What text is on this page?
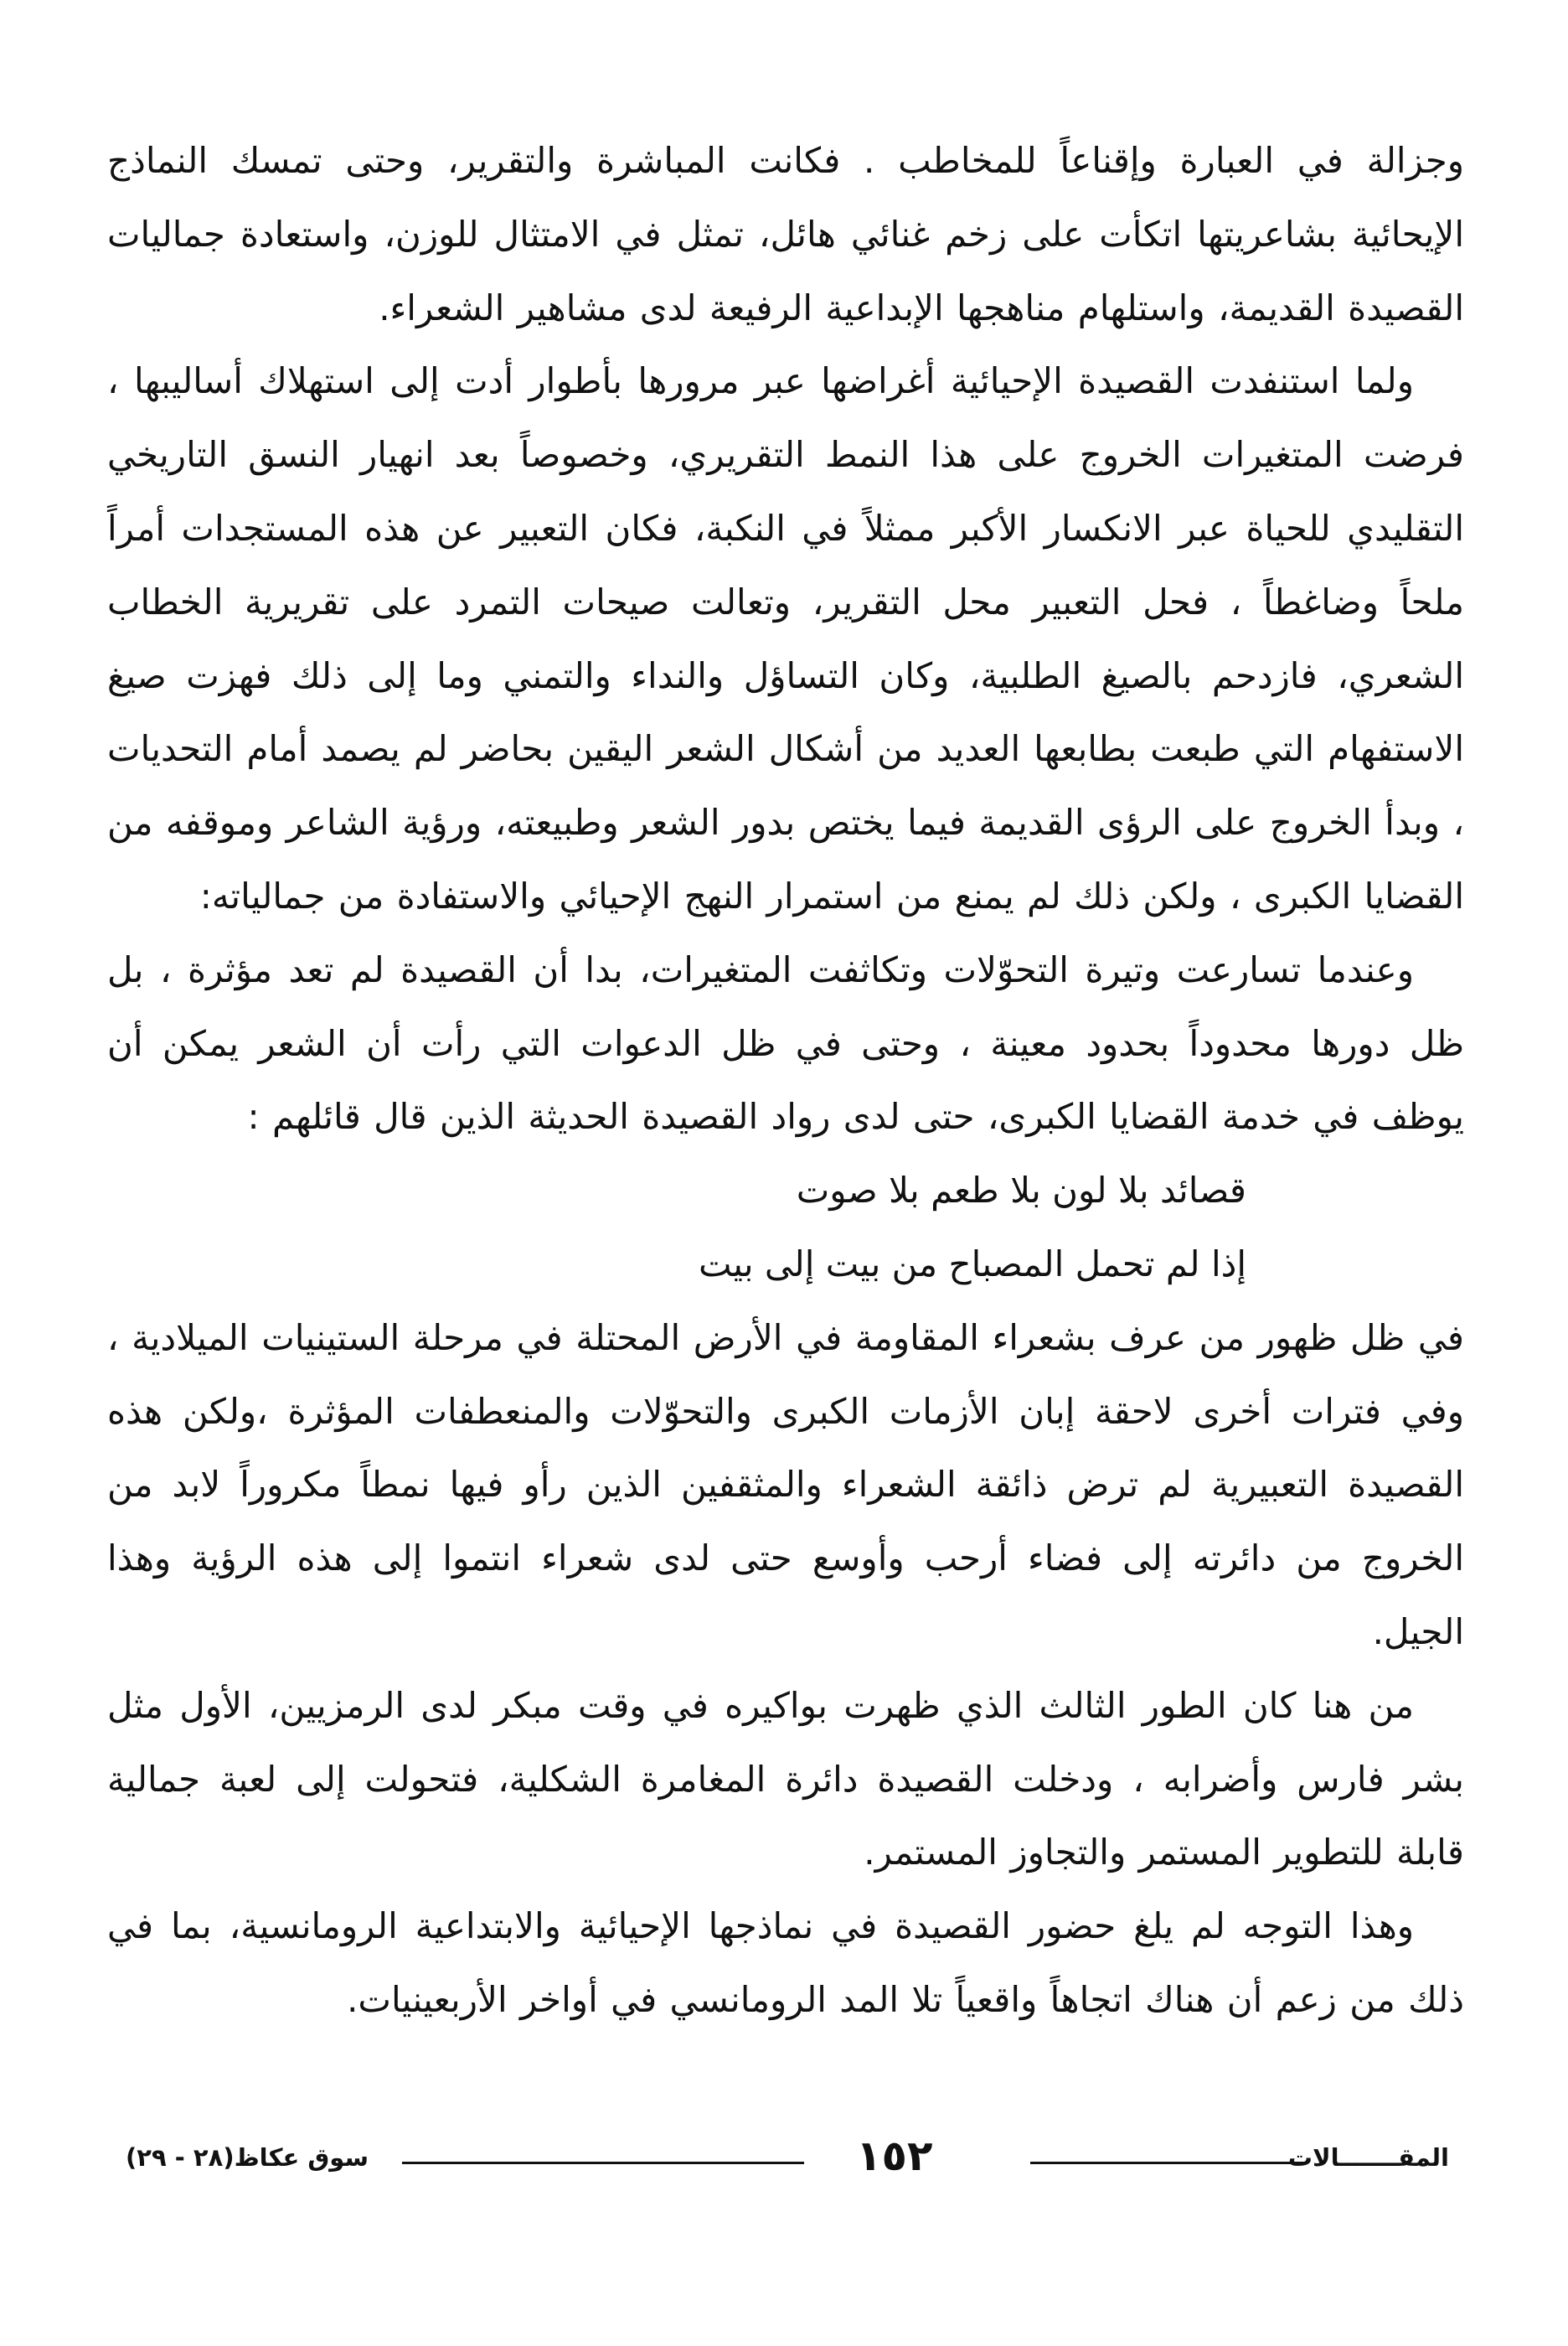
وجزالة في العبارة وإقناعاً للمخاطب . فكانت المباشرة والتقرير، وحتى تمسك النماذج الإيحائية بشاعريتها اتكأت على زخم غنائي هائل، تمثل في الامتثال للوزن، واستعادة جماليات القصيدة القديمة، واستلهام مناهجها الإبداعية الرفيعة لدى مشاهير الشعراء.

ولما استنفدت القصيدة الإحيائية أغراضها عبر مرورها بأطوار أدت إلى استهلاك أساليبها ، فرضت المتغيرات الخروج على هذا النمط التقريري، وخصوصاً بعد انهيار النسق التاريخي التقليدي للحياة عبر الانكسار الأكبر ممثلاً في النكبة، فكان التعبير عن هذه المستجدات أمراً ملحاً وضاغطاً ، فحل التعبير محل التقرير، وتعالت صيحات التمرد على تقريرية الخطاب الشعري، فازدحم بالصيغ الطلبية، وكان التساؤل والنداء والتمني وما إلى ذلك فهزت صيغ الاستفهام التي طبعت بطابعها العديد من أشكال الشعر اليقين بحاضر لم يصمد أمام التحديات ، وبدأ الخروج على الرؤى القديمة فيما يختص بدور الشعر وطبيعته، ورؤية الشاعر وموقفه من القضايا الكبرى ، ولكن ذلك لم يمنع من استمرار النهج الإحيائي والاستفادة من جمالياته:

وعندما تسارعت وتيرة التحوّلات وتكاثفت المتغيرات، بدا أن القصيدة لم تعد مؤثرة ، بل ظل دورها محدوداً بحدود معينة ، وحتى في ظل الدعوات التي رأت أن الشعر يمكن أن يوظف في خدمة القضايا الكبرى، حتى لدى رواد القصيدة الحديثة الذين قال قائلهم :

قصائد بلا لون بلا طعم بلا صوت

إذا لم تحمل المصباح من بيت إلى بيت

في ظل ظهور من عرف بشعراء المقاومة في الأرض المحتلة في مرحلة الستينيات الميلادية ، وفي فترات أخرى لاحقة إبان الأزمات الكبرى والتحوّلات والمنعطفات المؤثرة ،ولكن هذه القصيدة التعبيرية لم ترض ذائقة الشعراء والمثقفين الذين رأو فيها نمطاً مكروراً لابد من الخروج من دائرته إلى فضاء أرحب وأوسع حتى لدى شعراء انتموا إلى هذه الرؤية وهذا الجيل.

من هنا كان الطور الثالث الذي ظهرت بواكيره في وقت مبكر لدى الرمزيين، الأول مثل بشر فارس وأضرابه ، ودخلت القصيدة دائرة المغامرة الشكلية، فتحولت إلى لعبة جمالية قابلة للتطوير المستمر والتجاوز المستمر.

وهذا التوجه لم يلغ حضور القصيدة في نماذجها الإحيائية والابتداعية الرومانسية، بما في ذلك من زعم أن هناك اتجاهاً واقعياً تلا المد الرومانسي في أواخر الأربعينيات.

سوق عكاظ(٢٨ - ٢٩)	١٥٢	المقـــــــالات
